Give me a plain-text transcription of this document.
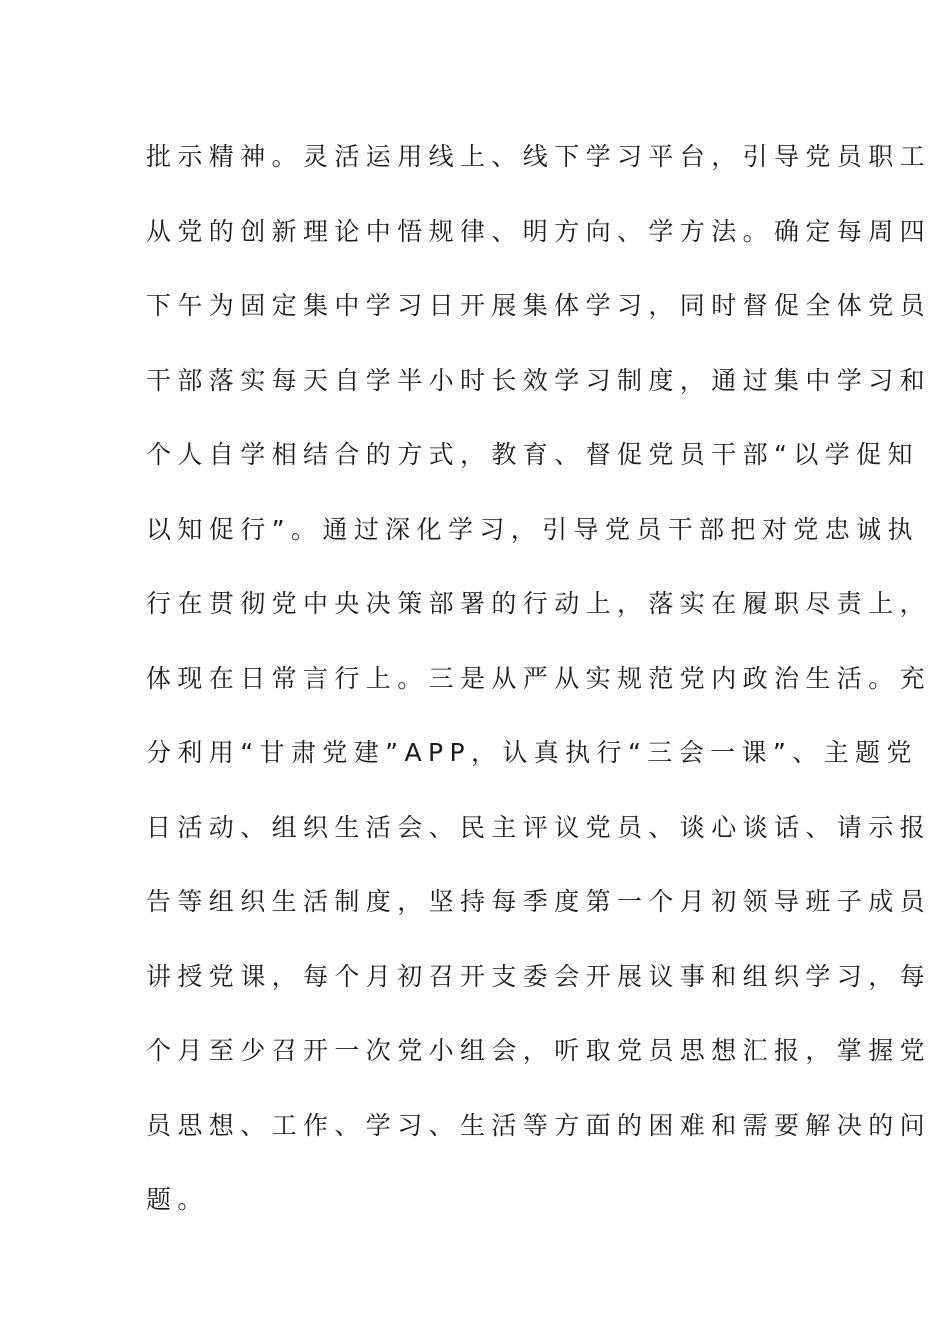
批示精神。灵活运用线上、线下学习平台，引导党员职工
从党的创新理论中悟规律、明方向、学方法。确定每周四
下午为固定集中学习日开展集体学习，同时督促全体党员
干部落实每天自学半小时长效学习制度，通过集中学习和
个人自学相结合的方式，教育、督促党员干部“以学促知
以知促行”。通过深化学习，引导党员干部把对党忠诚执
行在贯彻党中央决策部署的行动上，落实在履职尽责上，
体现在日常言行上。三是从严从实规范党内政治生活。充
分利用“甘肃党建”APP，认真执行“三会一课”、主题党
日活动、组织生活会、民主评议党员、谈心谈话、请示报
告等组织生活制度，坚持每季度第一个月初领导班子成员
讲授党课，每个月初召开支委会开展议事和组织学习，每
个月至少召开一次党小组会，听取党员思想汇报，掌握党
员思想、工作、学习、生活等方面的困难和需要解决的问
题。
